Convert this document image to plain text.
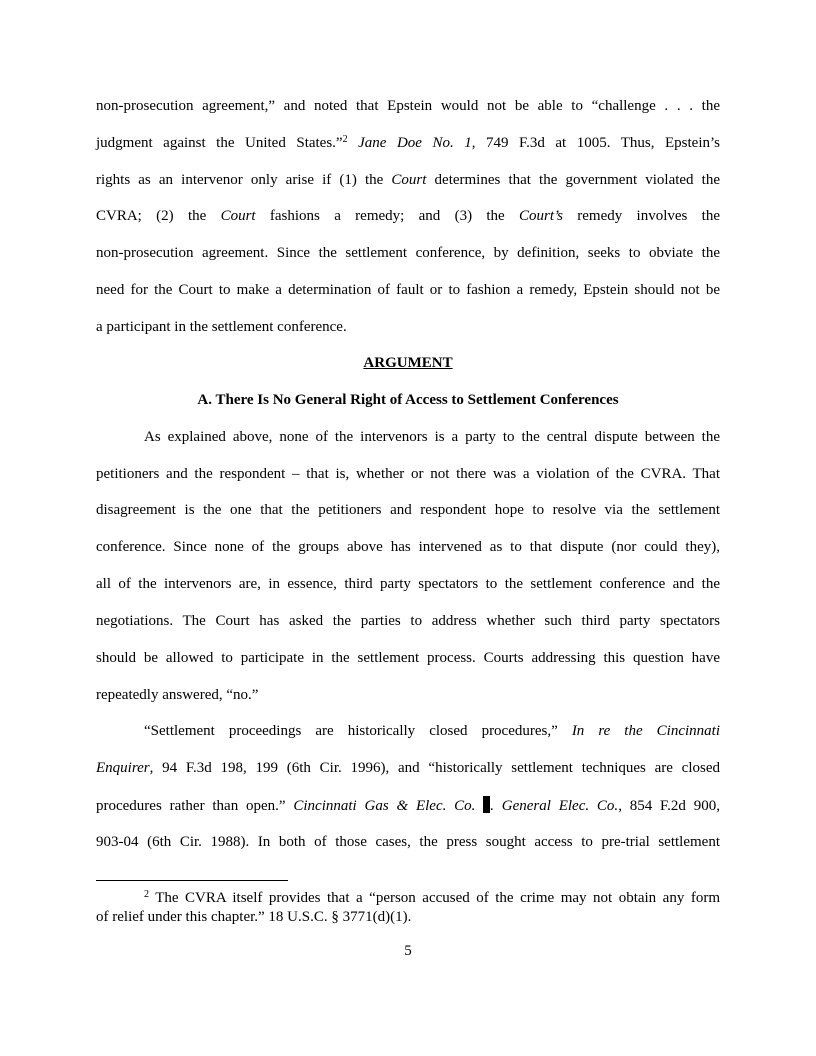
non-prosecution agreement,” and noted that Epstein would not be able to “challenge . . . the
judgment against the United States.”$^2$ Jane Doe No. 1, 749 F.3d at 1005. Thus, Epstein’s
rights as an intervenor only arise if (1) the Court determines that the government violated the
CVRA; (2) the Court fashions a remedy; and (3) the Court’s remedy involves the
non-prosecution agreement. Since the settlement conference, by definition, seeks to obviate the
need for the Court to make a determination of fault or to fashion a remedy, Epstein should not be
a participant in the settlement conference.
ARGUMENT
A. There Is No General Right of Access to Settlement Conferences
As explained above, none of the intervenors is a party to the central dispute between the
petitioners and the respondent – that is, whether or not there was a violation of the CVRA. That
disagreement is the one that the petitioners and respondent hope to resolve via the settlement
conference. Since none of the groups above has intervened as to that dispute (nor could they),
all of the intervenors are, in essence, third party spectators to the settlement conference and the
negotiations. The Court has asked the parties to address whether such third party spectators
should be allowed to participate in the settlement process. Courts addressing this question have
repeatedly answered, “no.”
“Settlement proceedings are historically closed procedures,” In re the Cincinnati
Enquirer, 94 F.3d 198, 199 (6th Cir. 1996), and “historically settlement techniques are closed
procedures rather than open.” Cincinnati Gas & Elec. Co. . General Elec. Co., 854 F.2d 900,
903-04 (6th Cir. 1988). In both of those cases, the press sought access to pre-trial settlement
$^2$ The CVRA itself provides that a “person accused of the crime may not obtain any form
of relief under this chapter.” 18 U.S.C. § 3771(d)(1).
5
